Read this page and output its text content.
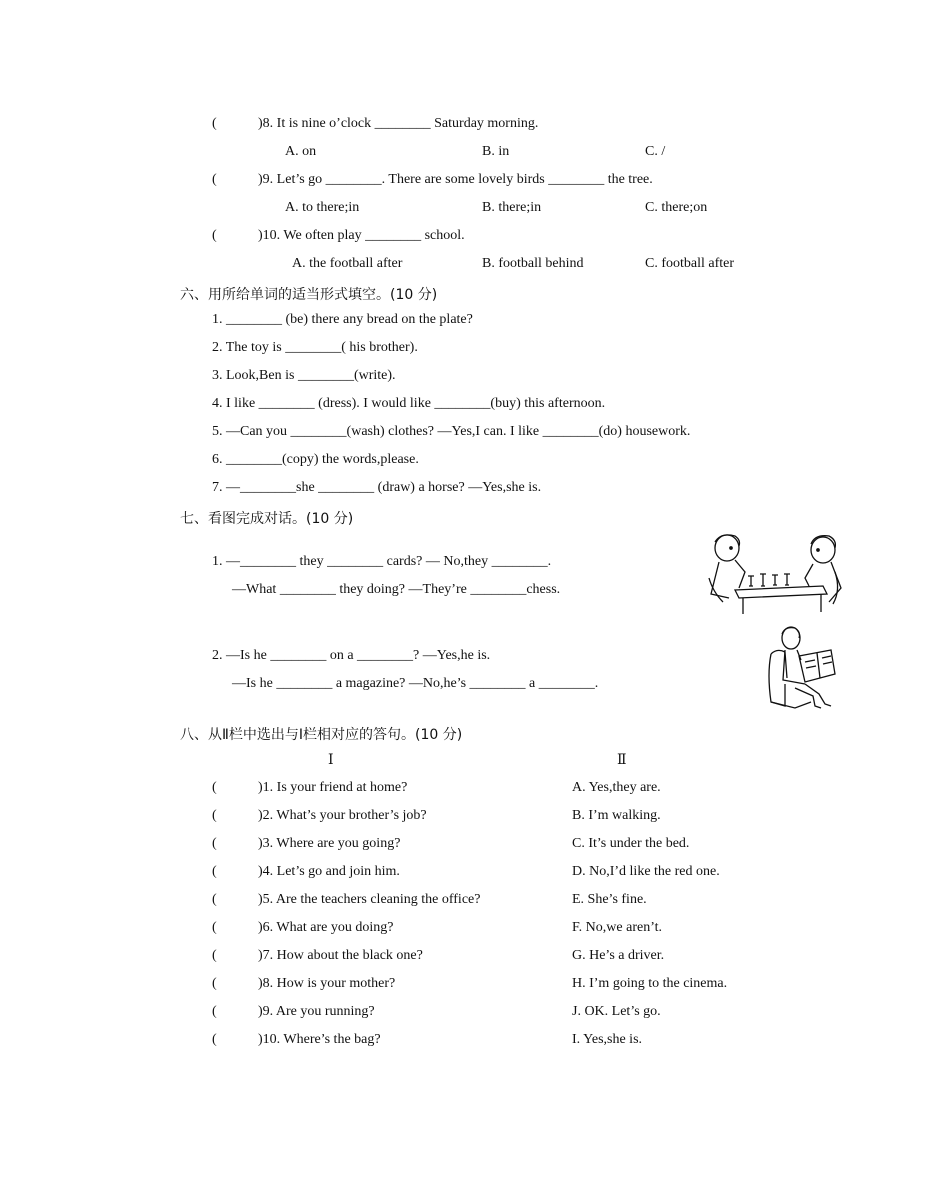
(	)8. It is nine o’clock ________ Saturday morning.
A. on	B. in	C. /
(	)9. Let’s go ________. There are some lovely birds ________ the tree.
A. to there;in	B. there;in	C. there;on
(	)10. We often play ________ school.
A. the football after	B. football behind	C. football after
六、用所给单词的适当形式填空。(10 分)
1. ________ (be) there any bread on the plate?
2. The toy is ________( his brother).
3. Look,Ben is ________(write).
4. I like ________ (dress). I would like ________(buy) this afternoon.
5. —Can you ________(wash) clothes? —Yes,I can. I like ________(do) housework.
6. ________(copy) the words,please.
7. —________she ________ (draw) a horse? —Yes,she is.
七、看图完成对话。(10 分)
1. —________ they ________ cards? — No,they ________.
—What ________ they doing? —They’re ________chess.
2. —Is he ________ on a ________? —Yes,he is.
—Is he ________ a magazine? —No,he’s ________ a ________.
八、从Ⅱ栏中选出与Ⅰ栏相对应的答句。(10 分)
Ⅰ	Ⅱ
(	)1. Is your friend at home?	A. Yes,they are.
(	)2. What’s your brother’s job?	B. I’m walking.
(	)3. Where are you going?	C. It’s under the bed.
(	)4. Let’s go and join him.	D. No,I’d like the red one.
(	)5. Are the teachers cleaning the office?	E. She’s fine.
(	)6. What are you doing?	F. No,we aren’t.
(	)7. How about the black one?	G. He’s a driver.
(	)8. How is your mother?	H. I’m going to the cinema.
(	)9. Are you running?	J. OK. Let’s go.
(	)10. Where’s the bag?	I. Yes,she is.
